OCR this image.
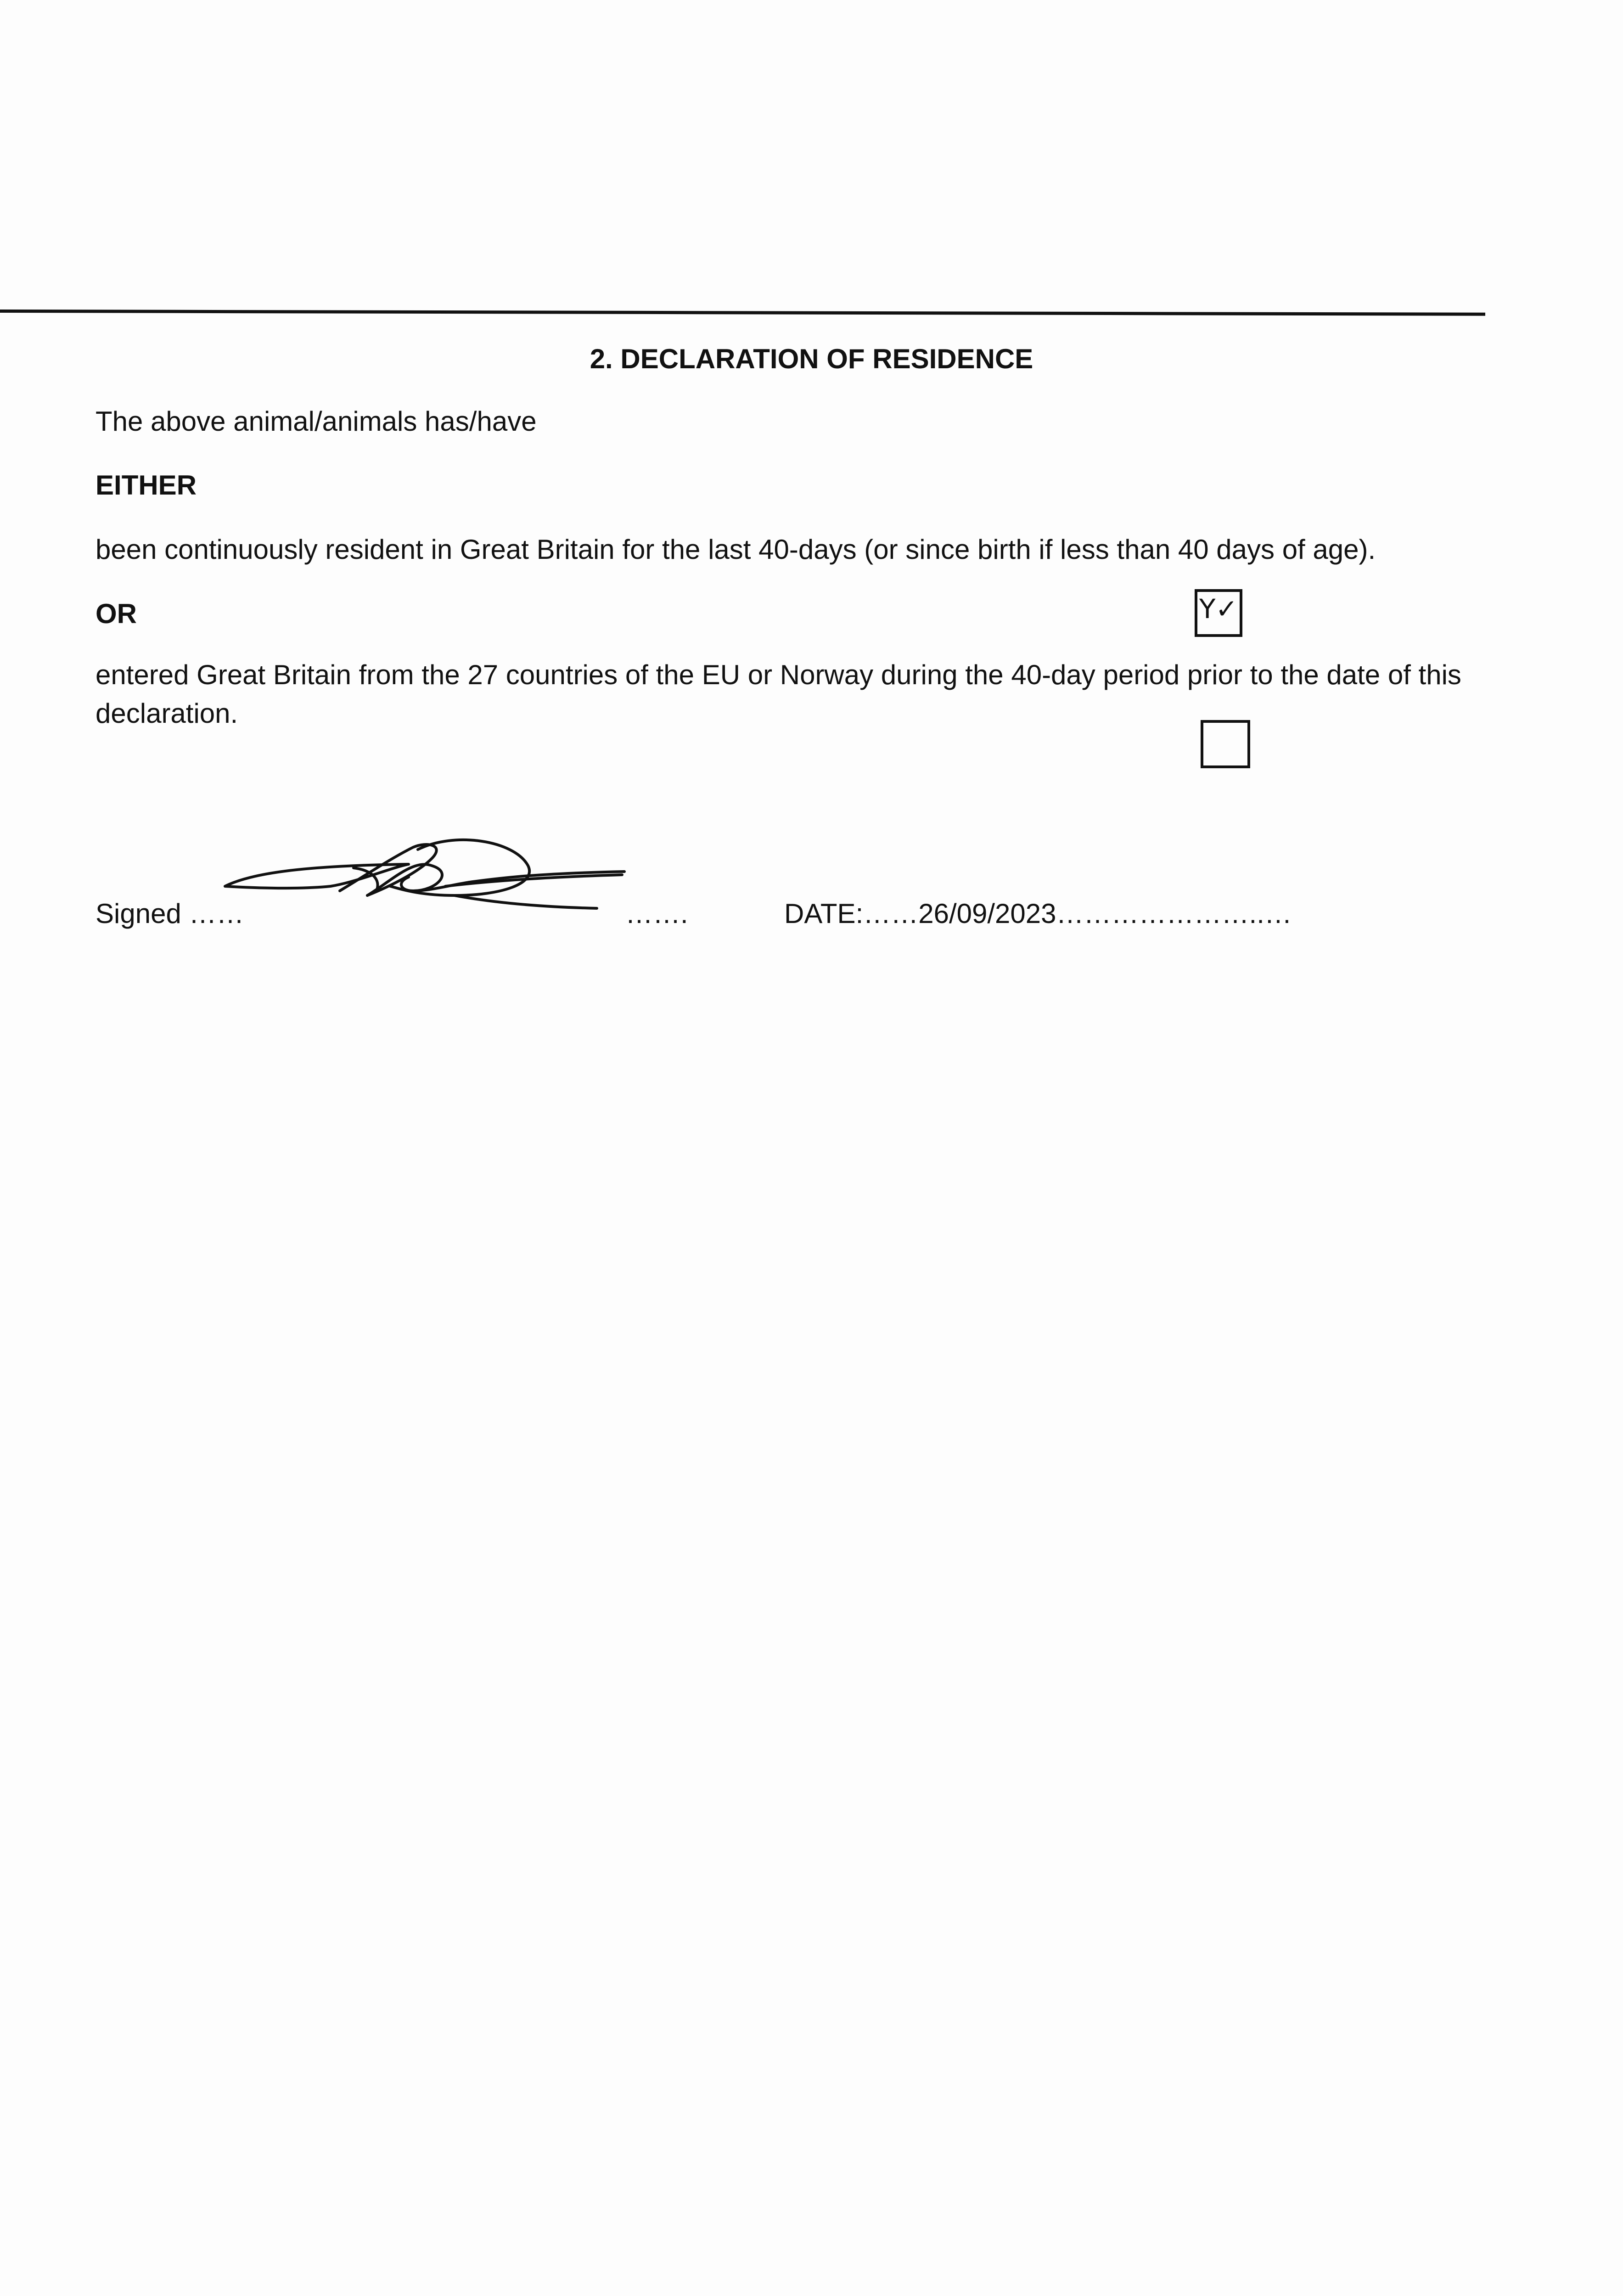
2. DECLARATION OF RESIDENCE
The above animal/animals has/have
EITHER
been continuously resident in Great Britain for the last 40-days (or since birth if less than 40 days of age).
OR	Y✓
entered Great Britain from the 27 countries of the EU or Norway during the 40-day period prior to the date of this declaration.
Signed ……	…….	DATE:……26/09/2023…………………..…
